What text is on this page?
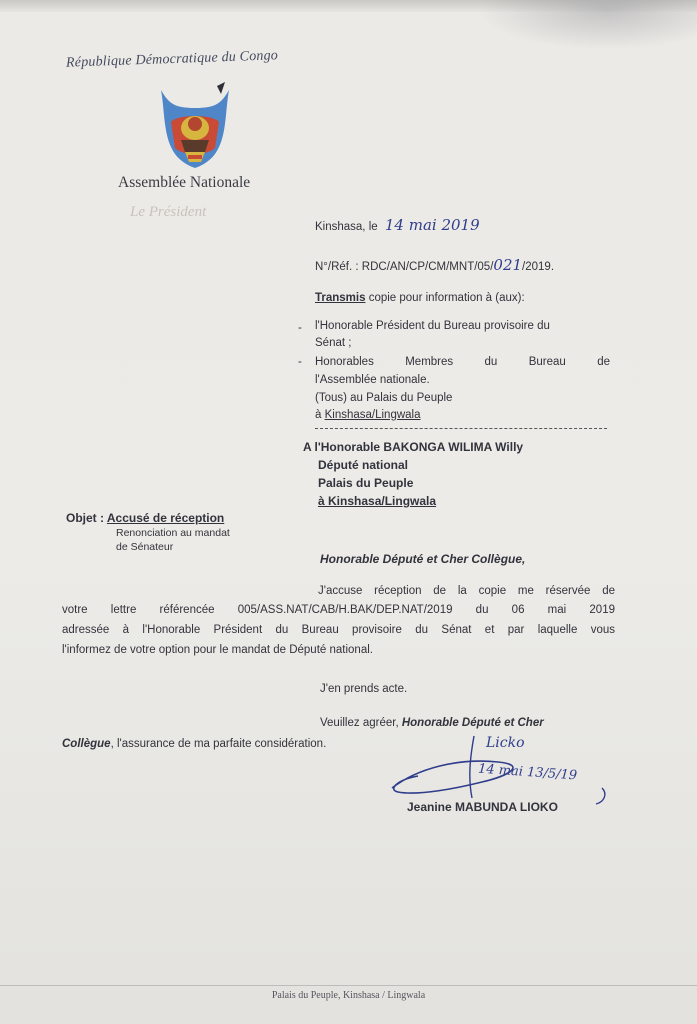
République Démocratique du Congo
Assemblée Nationale
Le Président
Kinshasa, le 14 mai 2019
N°/Réf. : RDC/AN/CP/CM/MNT/05/021/2019.
Transmis copie pour information à (aux):
- l'Honorable Président du Bureau provisoire du
Sénat ;
- Honorables Membres du Bureau de
l'Assemblée nationale.
(Tous) au Palais du Peuple
à Kinshasa/Lingwala
A l'Honorable BAKONGA WILIMA Willy
Député national
Palais du Peuple
à Kinshasa/Lingwala
Objet : Accusé de réception
Renonciation au mandat
de Sénateur
Honorable Député et Cher Collègue,
J'accuse réception de la copie me réservée de
votre lettre référencée 005/ASS.NAT/CAB/H.BAK/DEP.NAT/2019 du 06 mai 2019
adressée à l'Honorable Président du Bureau provisoire du Sénat et par laquelle vous
l'informez de votre option pour le mandat de Député national.
J'en prends acte.
Veuillez agréer, Honorable Député et Cher
Collègue, l'assurance de ma parfaite considération.	Licko
14 mai 13/5/19
Jeanine MABUNDA LIOKO
Palais du Peuple, Kinshasa / Lingwala
